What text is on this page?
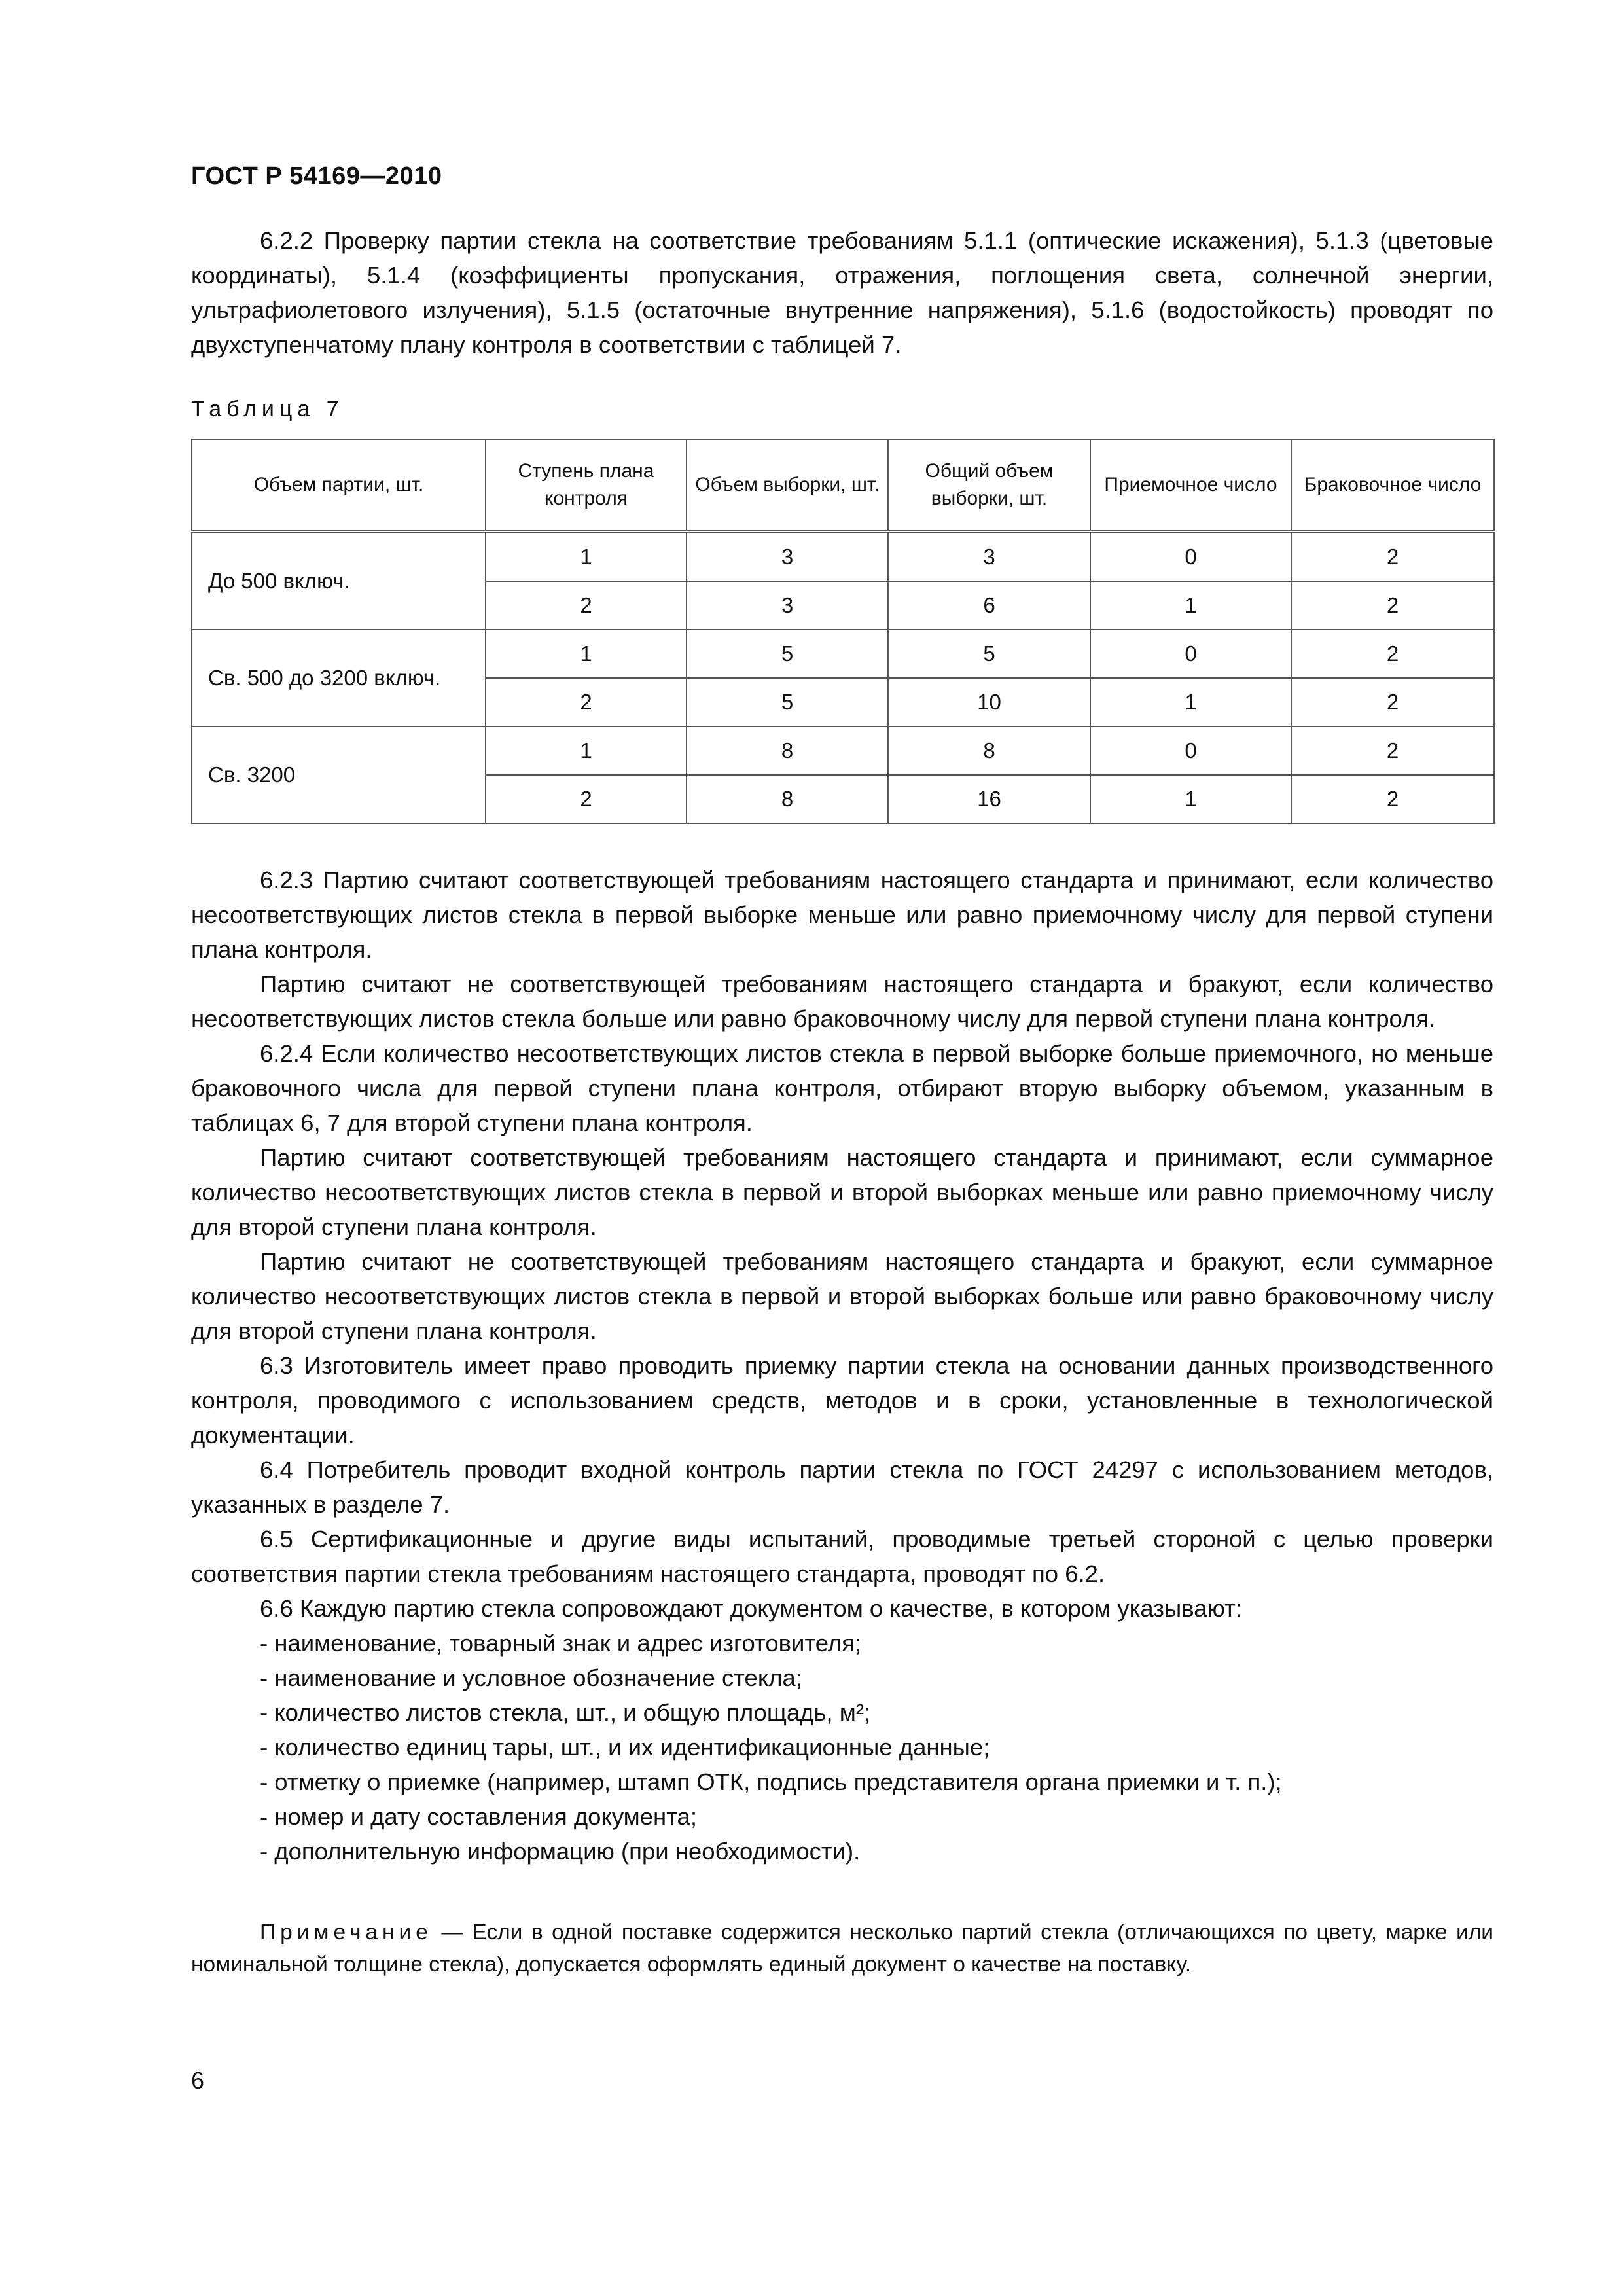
ГОСТ Р 54169—2010

6.2.2 Проверку партии стекла на соответствие требованиям 5.1.1 (оптические искажения), 5.1.3 (цветовые координаты), 5.1.4 (коэффициенты пропускания, отражения, поглощения света, солнечной энергии, ультрафиолетового излучения), 5.1.5 (остаточные внутренние напряжения), 5.1.6 (водостойкость) проводят по двухступенчатому плану контроля в соответствии с таблицей 7.

Таблица 7
Объем партии, шт.	Ступень плана контроля	Объем выборки, шт.	Общий объем выборки, шт.	Приемочное число	Браковочное число
До 500 включ.	1	3	3	0	2
	2	3	6	1	2
Св. 500 до 3200 включ.	1	5	5	0	2
	2	5	10	1	2
Св. 3200	1	8	8	0	2
	2	8	16	1	2

6.2.3 Партию считают соответствующей требованиям настоящего стандарта и принимают, если количество несоответствующих листов стекла в первой выборке меньше или равно приемочному числу для первой ступени плана контроля.

Партию считают не соответствующей требованиям настоящего стандарта и бракуют, если количество несоответствующих листов стекла больше или равно браковочному числу для первой ступени плана контроля.

6.2.4 Если количество несоответствующих листов стекла в первой выборке больше приемочного, но меньше браковочного числа для первой ступени плана контроля, отбирают вторую выборку объемом, указанным в таблицах 6, 7 для второй ступени плана контроля.

Партию считают соответствующей требованиям настоящего стандарта и принимают, если суммарное количество несоответствующих листов стекла в первой и второй выборках меньше или равно приемочному числу для второй ступени плана контроля.

Партию считают не соответствующей требованиям настоящего стандарта и бракуют, если суммарное количество несоответствующих листов стекла в первой и второй выборках больше или равно браковочному числу для второй ступени плана контроля.

6.3 Изготовитель имеет право проводить приемку партии стекла на основании данных производственного контроля, проводимого с использованием средств, методов и в сроки, установленные в технологической документации.

6.4 Потребитель проводит входной контроль партии стекла по ГОСТ 24297 с использованием методов, указанных в разделе 7.

6.5 Сертификационные и другие виды испытаний, проводимые третьей стороной с целью проверки соответствия партии стекла требованиям настоящего стандарта, проводят по 6.2.

6.6 Каждую партию стекла сопровождают документом о качестве, в котором указывают:

- наименование, товарный знак и адрес изготовителя;

- наименование и условное обозначение стекла;

- количество листов стекла, шт., и общую площадь, м²;

- количество единиц тары, шт., и их идентификационные данные;

- отметку о приемке (например, штамп ОТК, подпись представителя органа приемки и т. п.);

- номер и дату составления документа;

- дополнительную информацию (при необходимости).

Примечание — Если в одной поставке содержится несколько партий стекла (отличающихся по цвету, марке или номинальной толщине стекла), допускается оформлять единый документ о качестве на поставку.

6
